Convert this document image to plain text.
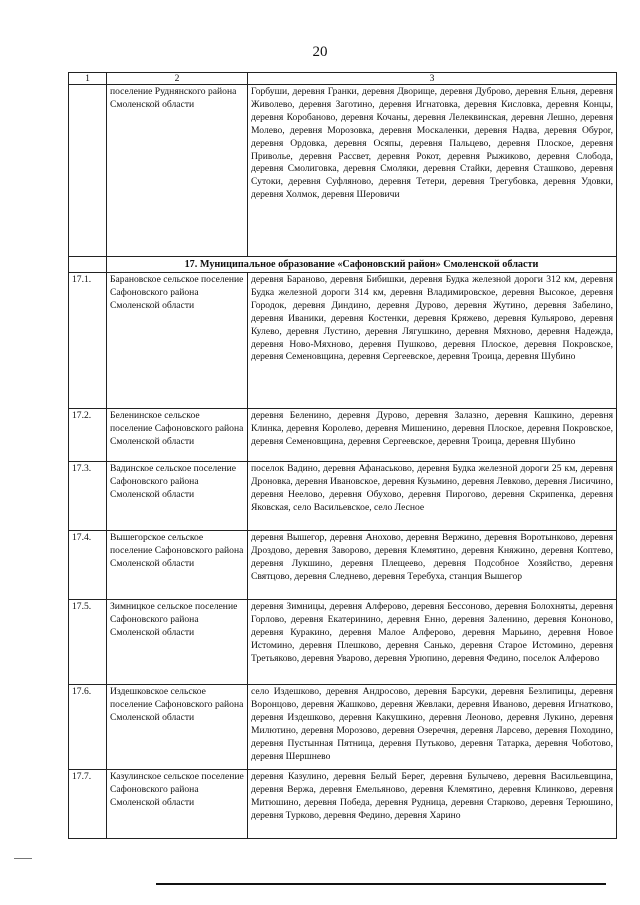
20
1	2	3
	поселение Руднянского района Смоленской области	Горбуши, деревня Гранки, деревня Дворище, деревня Дуброво, деревня Ельня, деревня Живолево, деревня Заготино, деревня Игнатовка, деревня Кисловка, деревня Концы, деревня Коробаново, деревня Кочаны, деревня Лелеквинская, деревня Лешно, деревня Молево, деревня Морозовка, деревня Москаленки, деревня Надва, деревня Обуроr, деревня Ордовка, деревня Осяпы, деревня Пальцево, деревня Плоское, деревня Приволье, деревня Рассвет, деревня Рокот, деревня Рыжиково, деревня Слобода, деревня Смолиговка, деревня Смоляки, деревня Стайки, деревня Сташково, деревня Сутоки, деревня Суфляново, деревня Тетери, деревня Трегубовка, деревня Удовки, деревня Холмок, деревня Шеровичи
	17. Муниципальное образование «Сафоновский район» Смоленской области	
17.1.	Барановское сельское поселение Сафоновского района Смоленской области	деревня Бараново, деревня Бибишки, деревня Будка железной дороги 312 км, деревня Будка железной дороги 314 км, деревня Владимировское, деревня Высокое, деревня Городок, деревня Диндино, деревня Дурово, деревня Жутино, деревня Забелино, деревня Иваники, деревня Костенки, деревня Кряжево, деревня Кульярово, деревня Кулево, деревня Лустино, деревня Лягушкино, деревня Мяхново, деревня Надежда, деревня Ново-Мяхново, деревня Пушково, деревня Плоское, деревня Покровское, деревня Семеновщина, деревня Сергеевское, деревня Троица, деревня Шубино
17.2.	Беленинское сельское поселение Сафоновского района Смоленской области	деревня Беленино, деревня Дурово, деревня Залазно, деревня Кашкино, деревня Клинка, деревня Королево, деревня Мишенино, деревня Плоское, деревня Покровское, деревня Семеновщина, деревня Сергеевское, деревня Троица, деревня Шубино
17.3.	Вадинское сельское поселение Сафоновского района Смоленской области	поселок Вадино, деревня Афанаськово, деревня Будка железной дороги 25 км, деревня Дроновка, деревня Ивановское, деревня Кузьмино, деревня Левково, деревня Лисичино, деревня Неелово, деревня Обухово, деревня Пирогово, деревня Скрипенка, деревня Яковская, село Васильевское, село Лесное
17.4.	Вышегорское сельское поселение Сафоновского района Смоленской области	деревня Вышегор, деревня Анохово, деревня Вержино, деревня Воротынково, деревня Дроздово, деревня Заворово, деревня Клемятино, деревня Княжино, деревня Коптево, деревня Лукшино, деревня Плещеево, деревня Подсобное Хозяйство, деревня Святцово, деревня Следнево, деревня Теребуха, станция Вышегор
17.5.	Зимницкое сельское поселение Сафоновского района Смоленской области	деревня Зимницы, деревня Алферово, деревня Бессоново, деревня Болохняты, деревня Горлово, деревня Екатеринино, деревня Еннo, деревня Заленино, деревня Кононово, деревня Куракино, деревня Малое Алферово, деревня Марьино, деревня Новое Истомино, деревня Плешково, деревня Санько, деревня Старое Истомино, деревня Третьяково, деревня Уварово, деревня Урюпино, деревня Федино, поселок Алферово
17.6.	Издешковское сельское поселение Сафоновского района Смоленской области	село Издешково, деревня Андросово, деревня Барсуки, деревня Безлипицы, деревня Воронцово, деревня Жашково, деревня Жевлаки, деревня Иваново, деревня Игнатково, деревня Издешково, деревня Какушкино, деревня Леоново, деревня Лукино, деревня Милютино, деревня Морозово, деревня Озеречня, деревня Ларсево, деревня Походино, деревня Пустынная Пятница, деревня Путьково, деревня Татарка, деревня Чоботово, деревня Шершнево
17.7.	Казулинское сельское поселение Сафоновского района Смоленской области	деревня Казулино, деревня Белый Берег, деревня Булычево, деревня Васильевщина, деревня Вержа, деревня Емельяново, деревня Клемятино, деревня Клинково, деревня Митюшино, деревня Победа, деревня Рудница, деревня Старково, деревня Терюшино, деревня Турково, деревня Федино, деревня Харино
